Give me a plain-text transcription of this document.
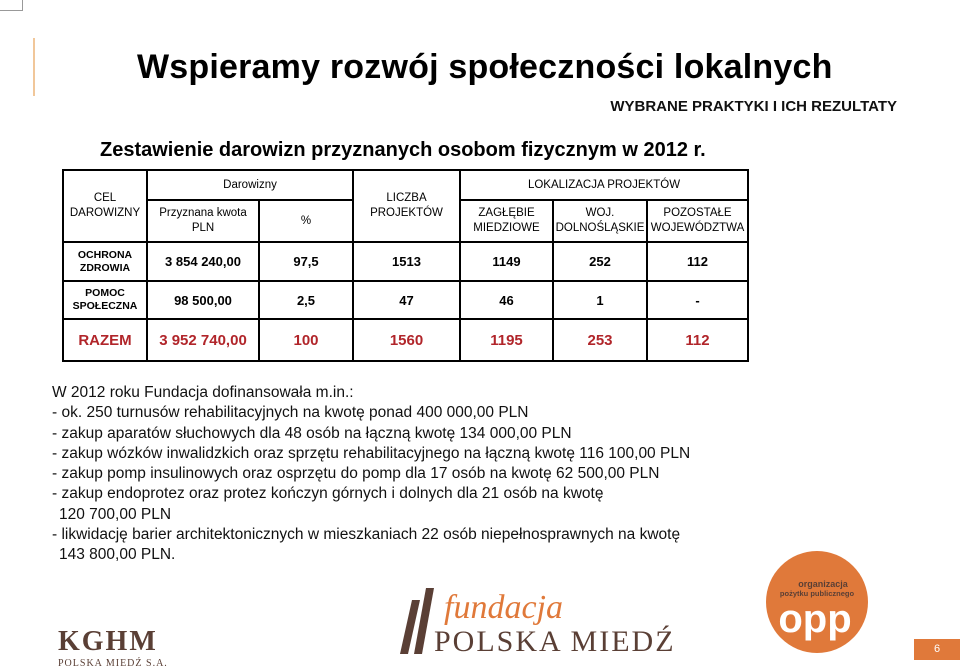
Wspieramy rozwój społeczności lokalnych
WYBRANE PRAKTYKI I ICH REZULTATY
Zestawienie darowizn przyznanych osobom fizycznym w 2012 r.
CEL DAROWIZNY	Darowizny		LICZBA PROJEKTÓW	LOKALIZACJA PROJEKTÓW		
	Przyznana kwota PLN	%		ZAGŁĘBIE MIEDZIOWE	WOJ. DOLNOŚLĄSKIE	POZOSTAŁE WOJEWÓDZTWA
OCHRONA ZDROWIA	3 854 240,00	97,5	1513	1149	252	112
POMOC SPOŁECZNA	98 500,00	2,5	47	46	1	-
RAZEM	3 952 740,00	100	1560	1195	253	112

W 2012 roku Fundacja dofinansowała m.in.:

- ok. 250 turnusów rehabilitacyjnych na kwotę ponad 400 000,00 PLN

- zakup aparatów słuchowych dla 48 osób na łączną kwotę 134 000,00 PLN

- zakup wózków inwalidzkich oraz sprzętu rehabilitacyjnego na łączną kwotę 116 100,00 PLN

- zakup pomp insulinowych oraz osprzętu do pomp dla 17 osób na kwotę 62 500,00 PLN

- zakup endoprotez oraz protez kończyn górnych i dolnych dla 21 osób na kwotę

120 700,00 PLN

- likwidację barier architektonicznych w mieszkaniach 22 osób niepełnosprawnych na kwotę

143 800,00 PLN.

KGHM
POLSKA MIEDŹ S.A.
fundacja
POLSKA MIEDŹ
organizacja
pożytku publicznego
opp
6
